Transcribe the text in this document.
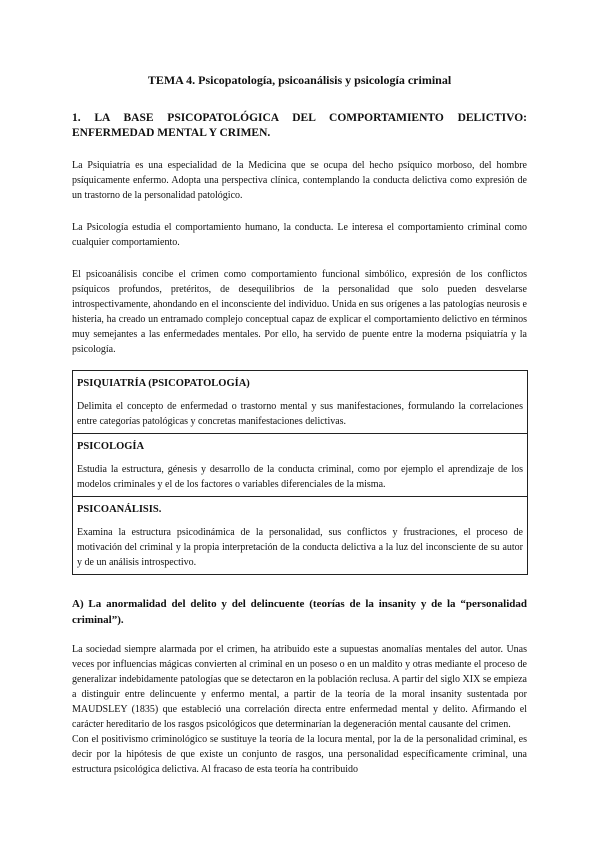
TEMA 4. Psicopatología, psicoanálisis y psicología criminal
1. LA BASE PSICOPATOLÓGICA DEL COMPORTAMIENTO DELICTIVO: ENFERMEDAD MENTAL Y CRIMEN.

La Psiquiatría es una especialidad de la Medicina que se ocupa del hecho psíquico morboso, del hombre psíquicamente enfermo. Adopta una perspectiva clínica, contemplando la conducta delictiva como expresión de un trastorno de la personalidad patológico.

La Psicología estudia el comportamiento humano, la conducta. Le interesa el comportamiento criminal como cualquier comportamiento.

El psicoanálisis concibe el crimen como comportamiento funcional simbólico, expresión de los conflictos psíquicos profundos, pretéritos, de desequilibrios de la personalidad que solo pueden desvelarse introspectivamente, ahondando en el inconsciente del individuo. Unida en sus orígenes a las patologías neurosis e histeria, ha creado un entramado complejo conceptual capaz de explicar el comportamiento delictivo en términos muy semejantes a las enfermedades mentales. Por ello, ha servido de puente entre la moderna psiquiatría y la psicología.

PSIQUIATRÍA (PSICOPATOLOGÍA)
Delimita el concepto de enfermedad o trastorno mental y sus manifestaciones, formulando la correlaciones entre categorías patológicas y concretas manifestaciones delictivas.
PSICOLOGÍA
Estudia la estructura, génesis y desarrollo de la conducta criminal, como por ejemplo el aprendizaje de los modelos criminales y el de los factores o variables diferenciales de la misma.
PSICOANÁLISIS.
Examina la estructura psicodinámica de la personalidad, sus conflictos y frustraciones, el proceso de motivación del criminal y la propia interpretación de la conducta delictiva a la luz del inconsciente de su autor y de un análisis introspectivo.
A) La anormalidad del delito y del delincuente (teorías de la insanity y de la “personalidad criminal”).

La sociedad siempre alarmada por el crimen, ha atribuido este a supuestas anomalías mentales del autor. Unas veces por influencias mágicas convierten al criminal en un poseso o en un maldito y otras mediante el proceso de generalizar indebidamente patologías que se detectaron en la población reclusa. A partir del siglo XIX se empieza a distinguir entre delincuente y enfermo mental, a partir de la teoría de la moral insanity sustentada por MAUDSLEY (1835) que estableció una correlación directa entre enfermedad mental y delito. Afirmando el carácter hereditario de los rasgos psicológicos que determinarían la degeneración mental causante del crimen.

Con el positivismo criminológico se sustituye la teoría de la locura mental, por la de la personalidad criminal, es decir por la hipótesis de que existe un conjunto de rasgos, una personalidad específicamente criminal, una estructura psicológica delictiva. Al fracaso de esta teoría ha contribuido
